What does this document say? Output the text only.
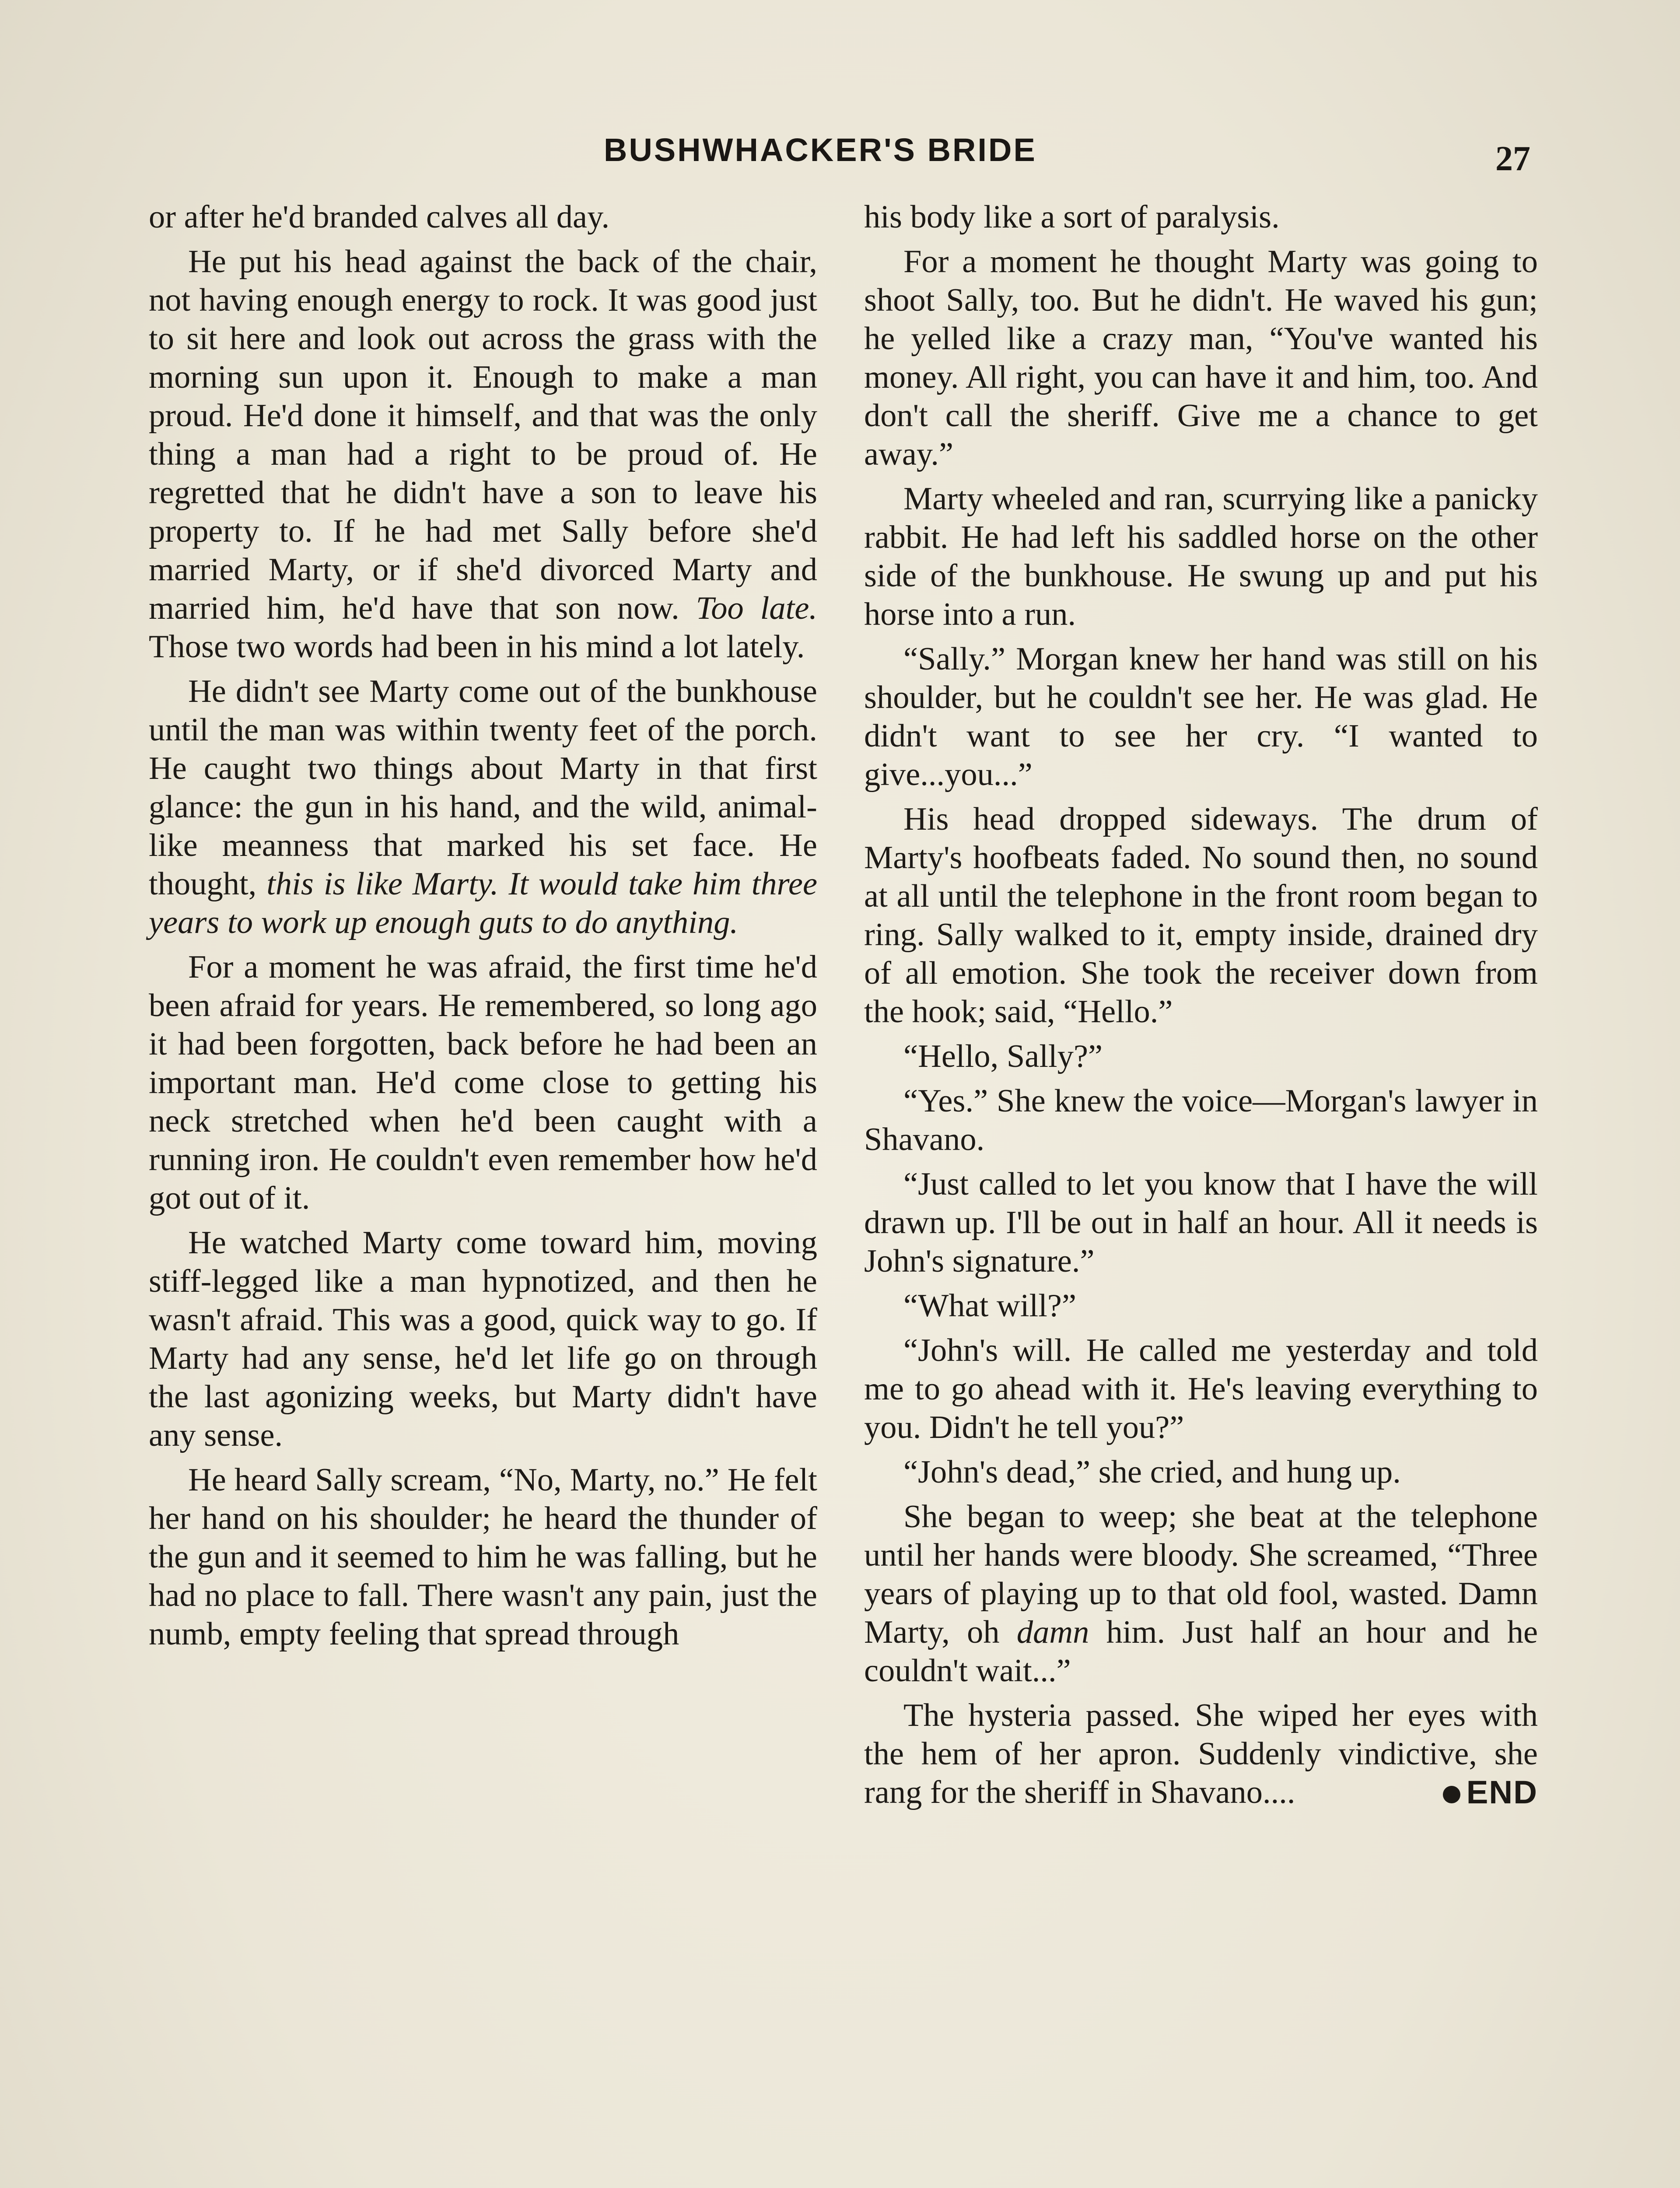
BUSHWHACKER'S BRIDE	27

or after he'd branded calves all day.

He put his head against the back of the chair, not having enough energy to rock. It was good just to sit here and look out across the grass with the morning sun upon it. Enough to make a man proud. He'd done it himself, and that was the only thing a man had a right to be proud of. He regretted that he didn't have a son to leave his property to. If he had met Sally before she'd married Marty, or if she'd divorced Marty and married him, he'd have that son now. Too late. Those two words had been in his mind a lot lately.

He didn't see Marty come out of the bunkhouse until the man was within twenty feet of the porch. He caught two things about Marty in that first glance: the gun in his hand, and the wild, animal-like meanness that marked his set face. He thought, this is like Marty. It would take him three years to work up enough guts to do anything.

For a moment he was afraid, the first time he'd been afraid for years. He remembered, so long ago it had been forgotten, back before he had been an important man. He'd come close to getting his neck stretched when he'd been caught with a running iron. He couldn't even remember how he'd got out of it.

He watched Marty come toward him, moving stiff-legged like a man hypnotized, and then he wasn't afraid. This was a good, quick way to go. If Marty had any sense, he'd let life go on through the last agonizing weeks, but Marty didn't have any sense.

He heard Sally scream, “No, Marty, no.” He felt her hand on his shoulder; he heard the thunder of the gun and it seemed to him he was falling, but he had no place to fall. There wasn't any pain, just the numb, empty feeling that spread through

his body like a sort of paralysis.

For a moment he thought Marty was going to shoot Sally, too. But he didn't. He waved his gun; he yelled like a crazy man, “You've wanted his money. All right, you can have it and him, too. And don't call the sheriff. Give me a chance to get away.”

Marty wheeled and ran, scurrying like a panicky rabbit. He had left his saddled horse on the other side of the bunkhouse. He swung up and put his horse into a run.

“Sally.” Morgan knew her hand was still on his shoulder, but he couldn't see her. He was glad. He didn't want to see her cry. “I wanted to give...you...”

His head dropped sideways. The drum of Marty's hoofbeats faded. No sound then, no sound at all until the telephone in the front room began to ring. Sally walked to it, empty inside, drained dry of all emotion. She took the receiver down from the hook; said, “Hello.”

“Hello, Sally?”

“Yes.” She knew the voice—Morgan's lawyer in Shavano.

“Just called to let you know that I have the will drawn up. I'll be out in half an hour. All it needs is John's signature.”

“What will?”

“John's will. He called me yesterday and told me to go ahead with it. He's leaving everything to you. Didn't he tell you?”

“John's dead,” she cried, and hung up.

She began to weep; she beat at the telephone until her hands were bloody. She screamed, “Three years of playing up to that old fool, wasted. Damn Marty, oh damn him. Just half an hour and he couldn't wait...”

The hysteria passed. She wiped her eyes with the hem of her apron. Suddenly vindictive, she rang for the sheriff in Shavano....	END
